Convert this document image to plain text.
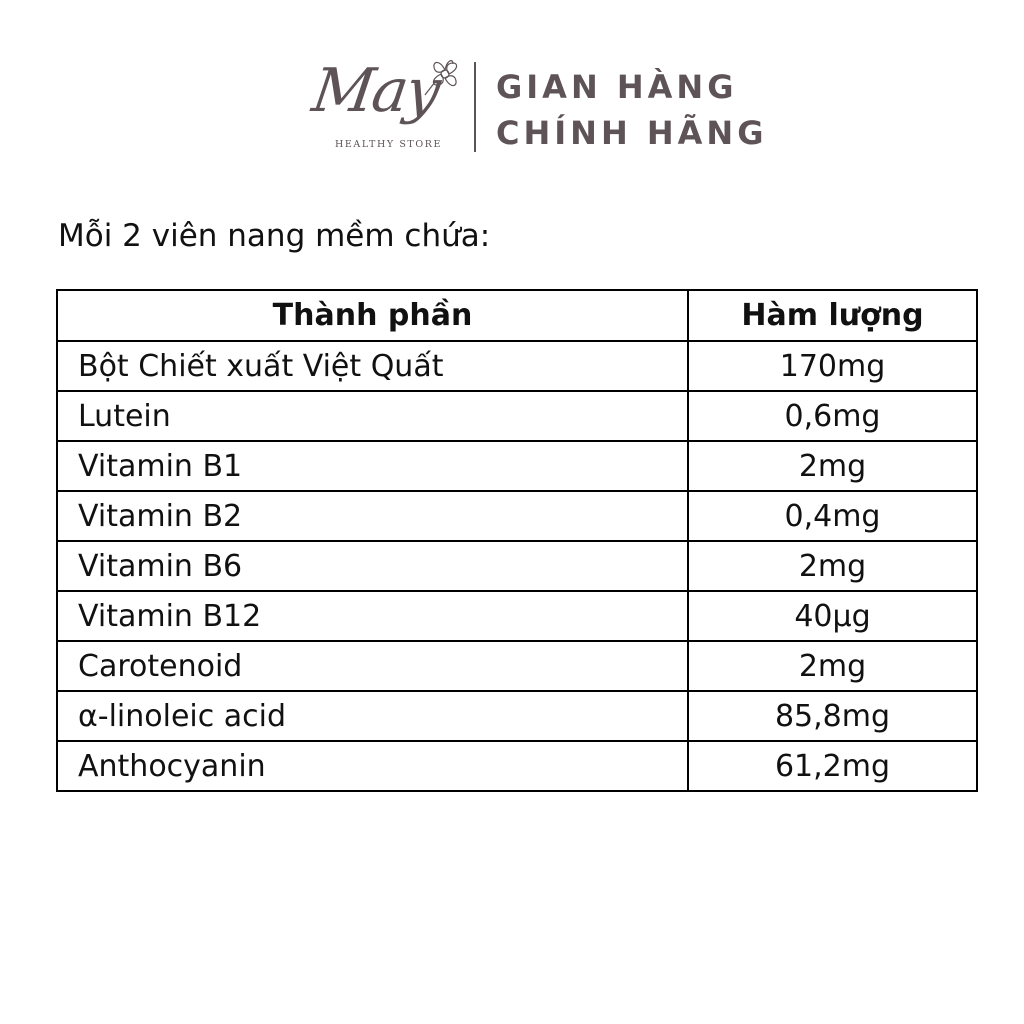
May
HEALTHY STORE
GIAN HÀNG
CHÍNH HÃNG
Mỗi 2 viên nang mềm chứa:
Thành phần	Hàm lượng
Bột Chiết xuất Việt Quất	170mg
Lutein	0,6mg
Vitamin B1	2mg
Vitamin B2	0,4mg
Vitamin B6	2mg
Vitamin B12	40μg
Carotenoid	2mg
α-linoleic acid	85,8mg
Anthocyanin	61,2mg
